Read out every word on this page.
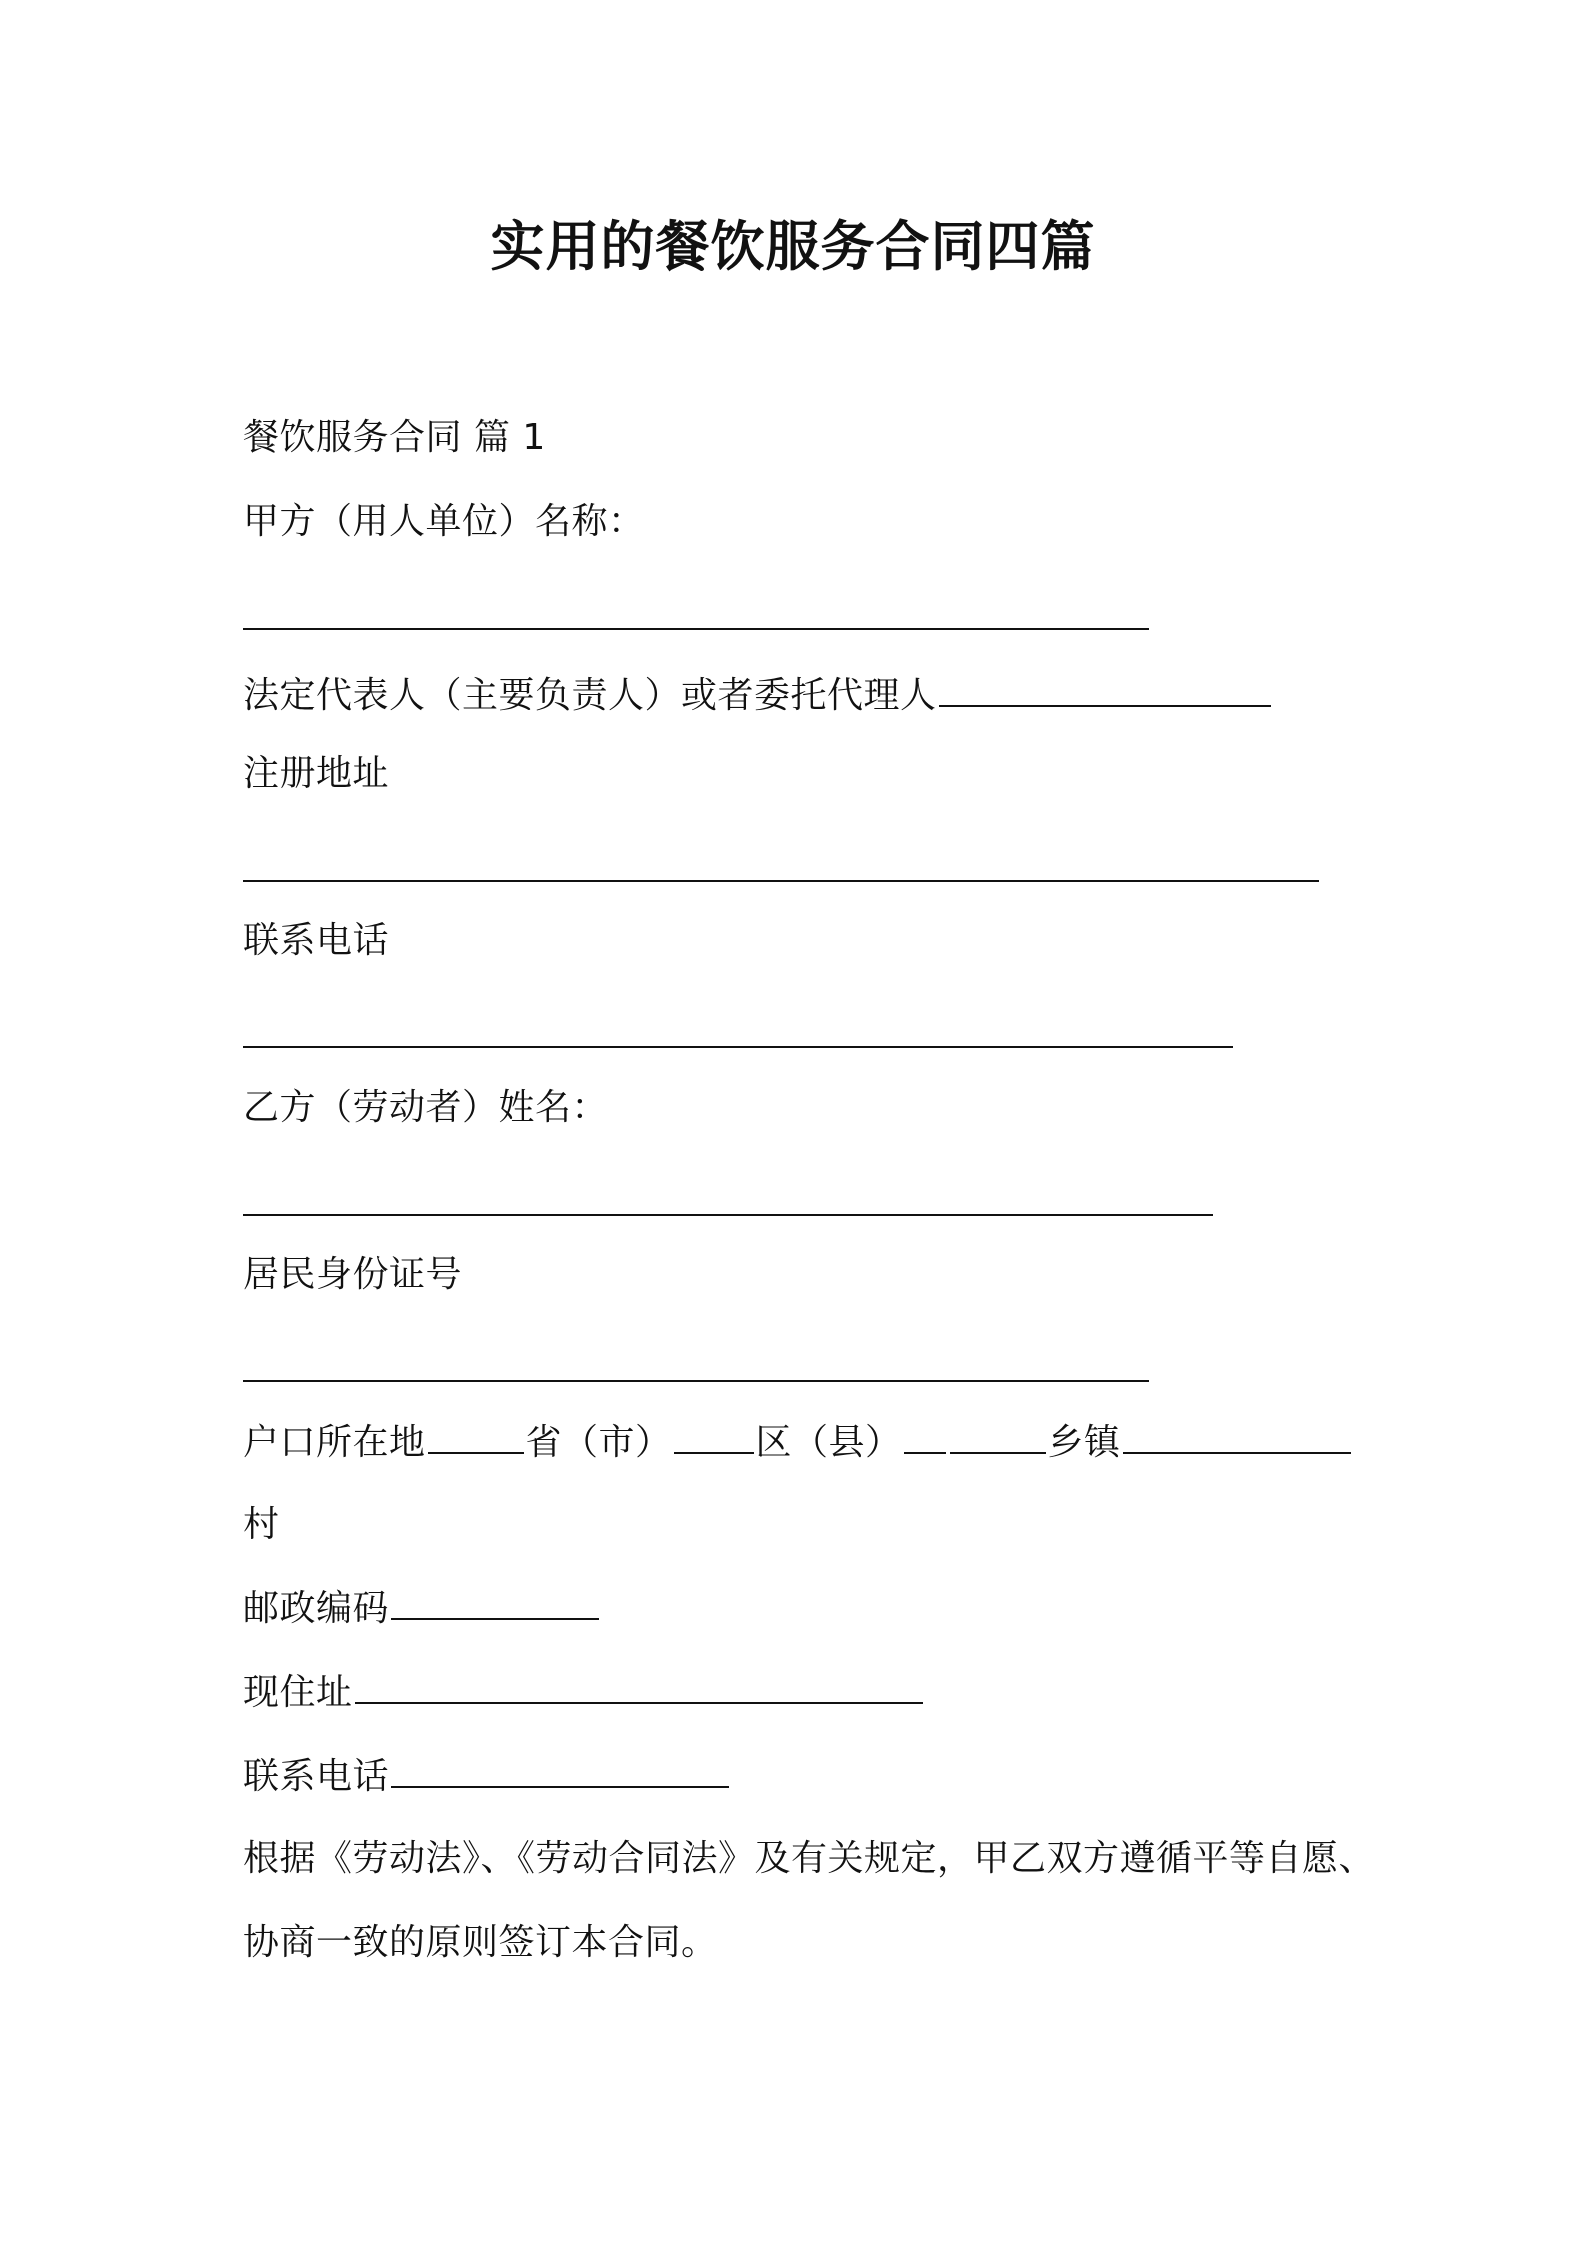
实用的餐饮服务合同四篇
餐饮服务合同 篇 1
甲方（用人单位）名称：
法定代表人（主要负责人）或者委托代理人
注册地址
联系电话
乙方（劳动者）姓名：
居民身份证号
户口所在地	省（市） 区（县）	乡镇
村
邮政编码
现住址
联系电话
根据《劳动法》、《劳动合同法》及有关规定，甲乙双方遵循平等自愿、
协商一致的原则签订本合同。
